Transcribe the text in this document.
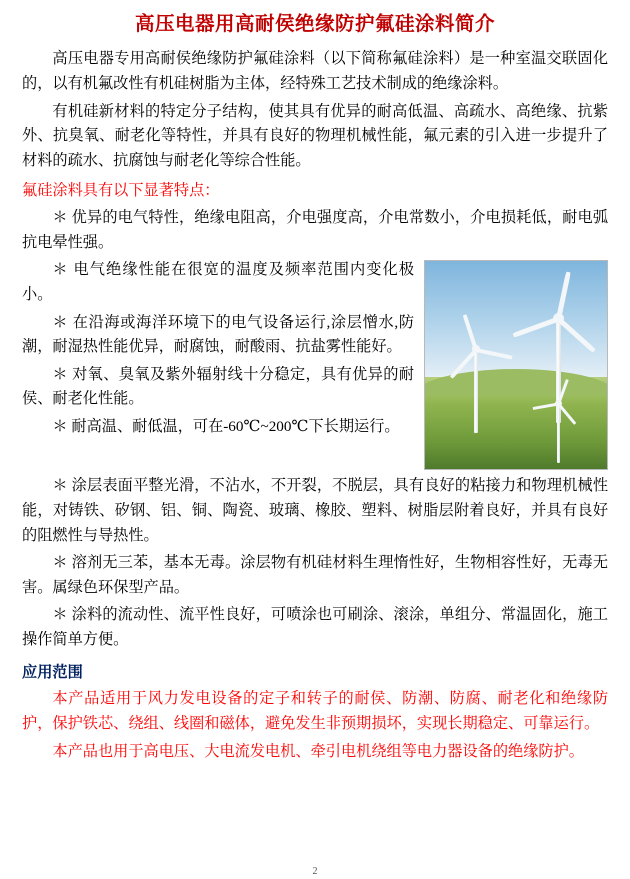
高压电器用高耐侯绝缘防护氟硅涂料简介
高压电器专用高耐侯绝缘防护氟硅涂料（以下简称氟硅涂料）是一种室温交联固化的，以有机氟改性有机硅树脂为主体，经特殊工艺技术制成的绝缘涂料。
有机硅新材料的特定分子结构，使其具有优异的耐高低温、高疏水、高绝缘、抗紫外、抗臭氧、耐老化等特性，并具有良好的物理机械性能，氟元素的引入进一步提升了材料的疏水、抗腐蚀与耐老化等综合性能。
氟硅涂料具有以下显著特点：
＊ 优异的电气特性，绝缘电阻高，介电强度高，介电常数小，介电损耗低，耐电弧抗电晕性强。
＊ 电气绝缘性能在很宽的温度及频率范围内变化极小。
＊ 在沿海或海洋环境下的电气设备运行,涂层憎水,防潮，耐湿热性能优异，耐腐蚀，耐酸雨、抗盐雾性能好。
＊ 对氧、臭氧及紫外辐射线十分稳定，具有优异的耐侯、耐老化性能。
＊ 耐高温、耐低温，可在-60℃~200℃下长期运行。
＊ 涂层表面平整光滑，不沾水，不开裂，不脱层，具有良好的粘接力和物理机械性能，对铸铁、矽钢、铝、铜、陶瓷、玻璃、橡胶、塑料、树脂层附着良好，并具有良好的阻燃性与导热性。
＊ 溶剂无三苯，基本无毒。涂层物有机硅材料生理惰性好，生物相容性好，无毒无害。属绿色环保型产品。
＊ 涂料的流动性、流平性良好，可喷涂也可刷涂、滚涂，单组分、常温固化，施工操作简单方便。
应用范围
本产品适用于风力发电设备的定子和转子的耐侯、防潮、防腐、耐老化和绝缘防护，保护铁芯、绕组、线圈和磁体，避免发生非预期损坏，实现长期稳定、可靠运行。
本产品也用于高电压、大电流发电机、牵引电机绕组等电力器设备的绝缘防护。
2
